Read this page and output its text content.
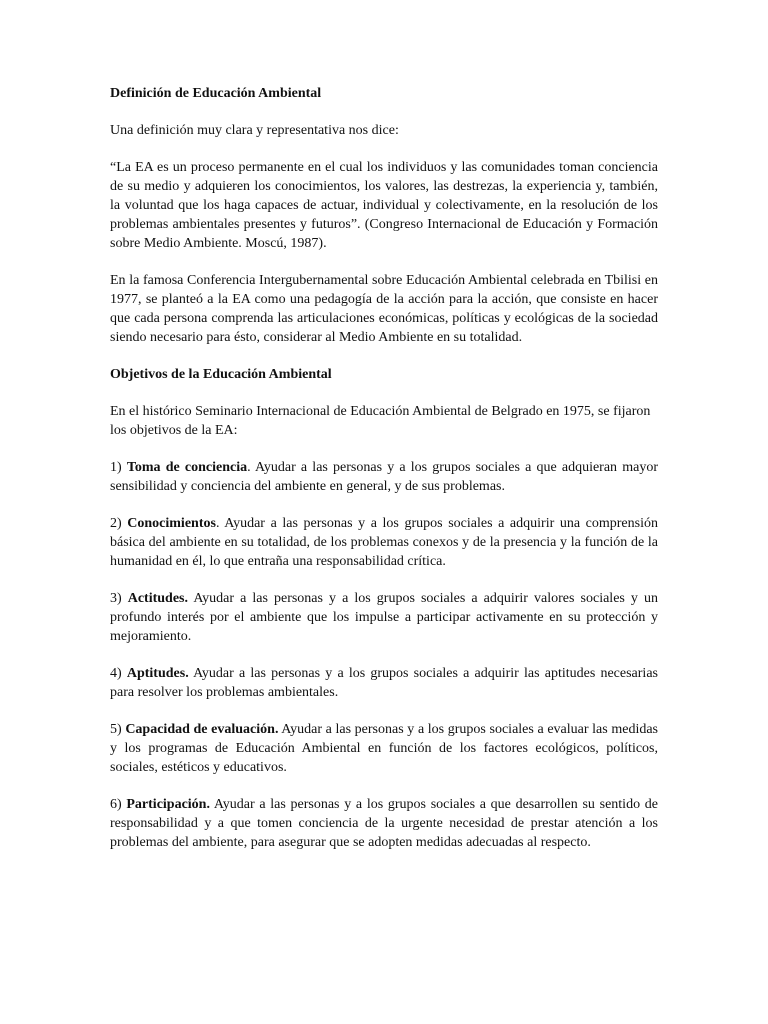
Definición de Educación Ambiental

Una definición muy clara y representativa nos dice:

“La EA es un proceso permanente en el cual los individuos y las comunidades toman conciencia de su medio y adquieren los conocimientos, los valores, las destrezas, la experiencia y, también, la voluntad que los haga capaces de actuar, individual y colectivamente, en la resolución de los problemas ambientales presentes y futuros”. (Congreso Internacional de Educación y Formación sobre Medio Ambiente. Moscú, 1987).

En la famosa Conferencia Intergubernamental sobre Educación Ambiental celebrada en Tbilisi en 1977, se planteó a la EA como una pedagogía de la acción para la acción, que consiste en hacer que cada persona comprenda las articulaciones económicas, políticas y ecológicas de la sociedad siendo necesario para ésto, considerar al Medio Ambiente en su totalidad.

Objetivos de la Educación Ambiental

En el histórico Seminario Internacional de Educación Ambiental de Belgrado en 1975, se fijaron los objetivos de la EA:

1) Toma de conciencia. Ayudar a las personas y a los grupos sociales a que adquieran mayor sensibilidad y conciencia del ambiente en general, y de sus problemas.

2) Conocimientos. Ayudar a las personas y a los grupos sociales a adquirir una comprensión básica del ambiente en su totalidad, de los problemas conexos y de la presencia y la función de la humanidad en él, lo que entraña una responsabilidad crítica.

3) Actitudes. Ayudar a las personas y a los grupos sociales a adquirir valores sociales y un profundo interés por el ambiente que los impulse a participar activamente en su protección y mejoramiento.

4) Aptitudes. Ayudar a las personas y a los grupos sociales a adquirir las aptitudes necesarias para resolver los problemas ambientales.

5) Capacidad de evaluación. Ayudar a las personas y a los grupos sociales a evaluar las medidas y los programas de Educación Ambiental en función de los factores ecológicos, políticos, sociales, estéticos y educativos.

6) Participación. Ayudar a las personas y a los grupos sociales a que desarrollen su sentido de responsabilidad y a que tomen conciencia de la urgente necesidad de prestar atención a los problemas del ambiente, para asegurar que se adopten medidas adecuadas al respecto.
